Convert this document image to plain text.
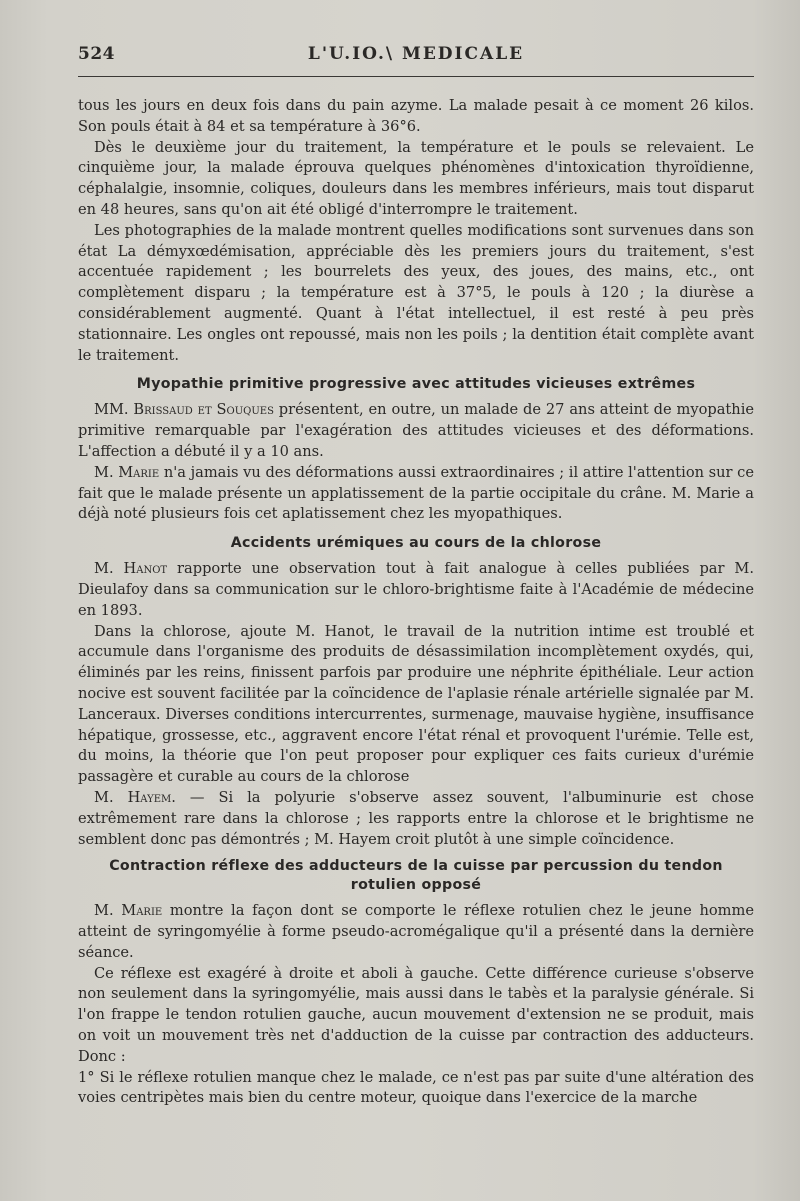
524	L'U.IO.\ MEDICALE

tous les jours en deux fois dans du pain azyme. La malade pesait à ce moment 26 kilos. Son pouls était à 84 et sa température à 36°6.

Dès le deuxième jour du traitement, la température et le pouls se relevaient. Le cinquième jour, la malade éprouva quelques phénomènes d'intoxication thyroïdienne, céphalalgie, insomnie, coliques, douleurs dans les membres inférieurs, mais tout disparut en 48 heures, sans qu'on ait été obligé d'interrompre le traitement.

Les photographies de la malade montrent quelles modifications sont survenues dans son état La démyxœdémisation, appréciable dès les premiers jours du traitement, s'est accentuée rapidement ; les bourrelets des yeux, des joues, des mains, etc., ont complètement disparu ; la température est à 37°5, le pouls à 120 ; la diurèse a considérablement augmenté. Quant à l'état intellectuel, il est resté à peu près stationnaire. Les ongles ont repoussé, mais non les poils ; la dentition était complète avant le traitement.

Myopathie primitive progressive avec attitudes vicieuses extrêmes

MM. Brissaud et Souques présentent, en outre, un malade de 27 ans atteint de myopathie primitive remarquable par l'exagération des attitudes vicieuses et des déformations. L'affection a débuté il y a 10 ans.

M. Marie n'a jamais vu des déformations aussi extraordinaires ; il attire l'attention sur ce fait que le malade présente un applatissement de la partie occipitale du crâne. M. Marie a déjà noté plusieurs fois cet aplatissement chez les myopathiques.

Accidents urémiques au cours de la chlorose

M. Hanot rapporte une observation tout à fait analogue à celles publiées par M. Dieulafoy dans sa communication sur le chloro-brightisme faite à l'Académie de médecine en 1893.

Dans la chlorose, ajoute M. Hanot, le travail de la nutrition intime est troublé et accumule dans l'organisme des produits de désassimilation incomplètement oxydés, qui, éliminés par les reins, finissent parfois par produire une néphrite épithéliale. Leur action nocive est souvent facilitée par la coïncidence de l'aplasie rénale artérielle signalée par M. Lanceraux. Diverses conditions intercurrentes, surmenage, mauvaise hygiène, insuffisance hépatique, grossesse, etc., aggravent encore l'état rénal et provoquent l'urémie. Telle est, du moins, la théorie que l'on peut proposer pour expliquer ces faits curieux d'urémie passagère et curable au cours de la chlorose

M. Hayem. — Si la polyurie s'observe assez souvent, l'albuminurie est chose extrêmement rare dans la chlorose ; les rapports entre la chlorose et le brightisme ne semblent donc pas démontrés ; M. Hayem croit plutôt à une simple coïncidence.

Contraction réflexe des adducteurs de la cuisse par percussion du tendon rotulien opposé

M. Marie montre la façon dont se comporte le réflexe rotulien chez le jeune homme atteint de syringomyélie à forme pseudo-acromégalique qu'il a présenté dans la dernière séance.

Ce réflexe est exagéré à droite et aboli à gauche. Cette différence curieuse s'observe non seulement dans la syringomyélie, mais aussi dans le tabès et la paralysie générale. Si l'on frappe le tendon rotulien gauche, aucun mouvement d'extension ne se produit, mais on voit un mouvement très net d'adduction de la cuisse par contraction des adducteurs. Donc :

1° Si le réflexe rotulien manque chez le malade, ce n'est pas par suite d'une altération des voies centripètes mais bien du centre moteur, quoique dans l'exercice de la marche
